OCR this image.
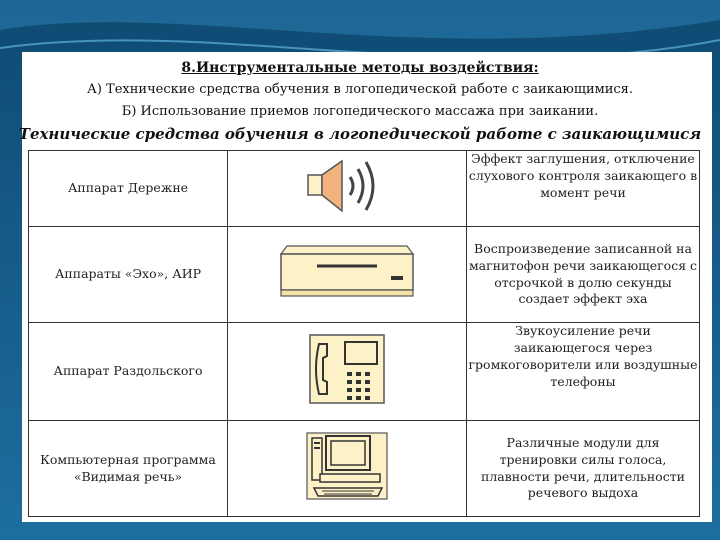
8.Инструментальные методы воздействия:
А) Технические средства обучения в логопедической работе с заикающимися.
Б) Использование приемов логопедического массажа при заикании.
Технические средства обучения в логопедической работе с заикающимися
Аппарат Дережне		Эффект заглушения, отключение слухового контроля заикающего в момент речи
Аппараты «Эхо», АИР		Воспроизведение записанной на магнитофон речи заикающегося с отсрочкой в долю секунды создает эффект эха
Аппарат Раздольского		Звукоусиление речи заикающегося через громкоговорители или воздушные телефоны
Компьютерная программа «Видимая речь»		Различные модули для тренировки силы голоса, плавности речи, длительности речевого выдоха
